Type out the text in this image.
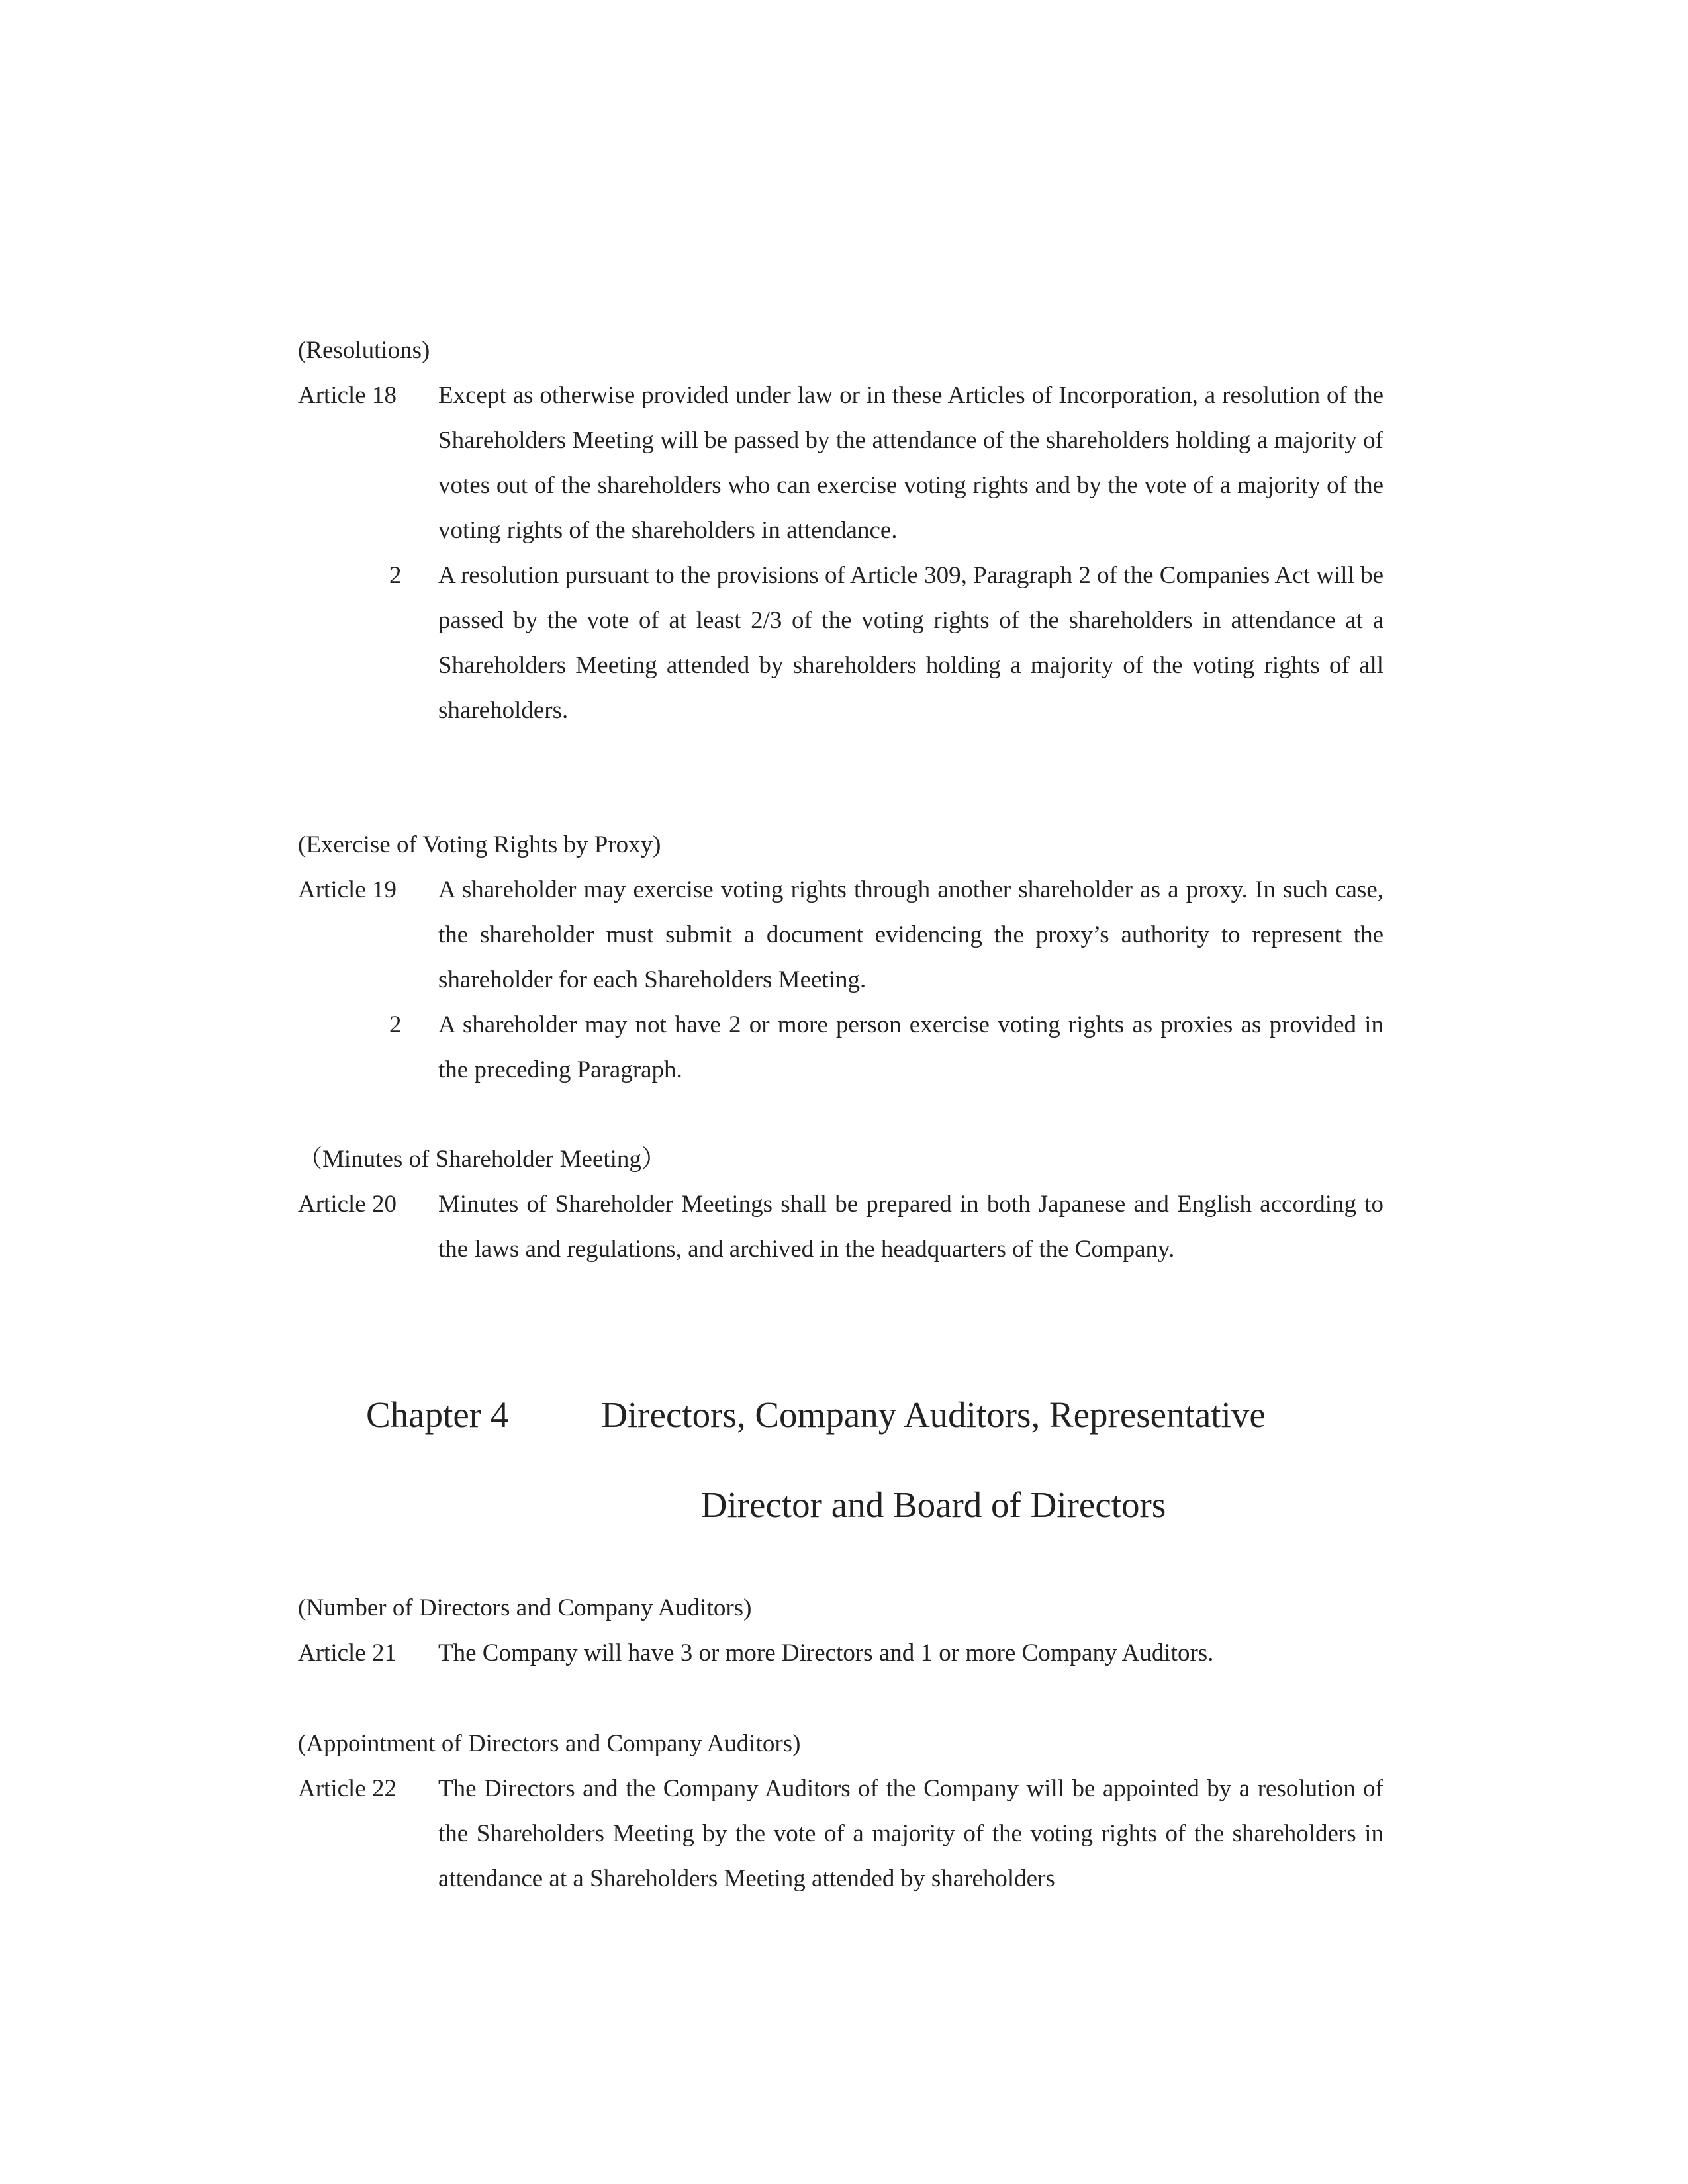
(Resolutions)
Article 18 Except as otherwise provided under law or in these Articles of Incorporation, a resolution of the Shareholders Meeting will be passed by the attendance of the shareholders holding a majority of votes out of the shareholders who can exercise voting rights and by the vote of a majority of the voting rights of the shareholders in attendance.
2 A resolution pursuant to the provisions of Article 309, Paragraph 2 of the Companies Act will be passed by the vote of at least 2/3 of the voting rights of the shareholders in attendance at a Shareholders Meeting attended by shareholders holding a majority of the voting rights of all shareholders.
(Exercise of Voting Rights by Proxy)
Article 19 A shareholder may exercise voting rights through another shareholder as a proxy. In such case, the shareholder must submit a document evidencing the proxy’s authority to represent the shareholder for each Shareholders Meeting.
2 A shareholder may not have 2 or more person exercise voting rights as proxies as provided in the preceding Paragraph.
（Minutes of Shareholder Meeting）
Article 20 Minutes of Shareholder Meetings shall be prepared in both Japanese and English according to the laws and regulations, and archived in the headquarters of the Company.
Chapter 4	Directors, Company Auditors, Representative Director and Board of Directors
(Number of Directors and Company Auditors)
Article 21 The Company will have 3 or more Directors and 1 or more Company Auditors.
(Appointment of Directors and Company Auditors)
Article 22 The Directors and the Company Auditors of the Company will be appointed by a resolution of the Shareholders Meeting by the vote of a majority of the voting rights of the shareholders in attendance at a Shareholders Meeting attended by shareholders
